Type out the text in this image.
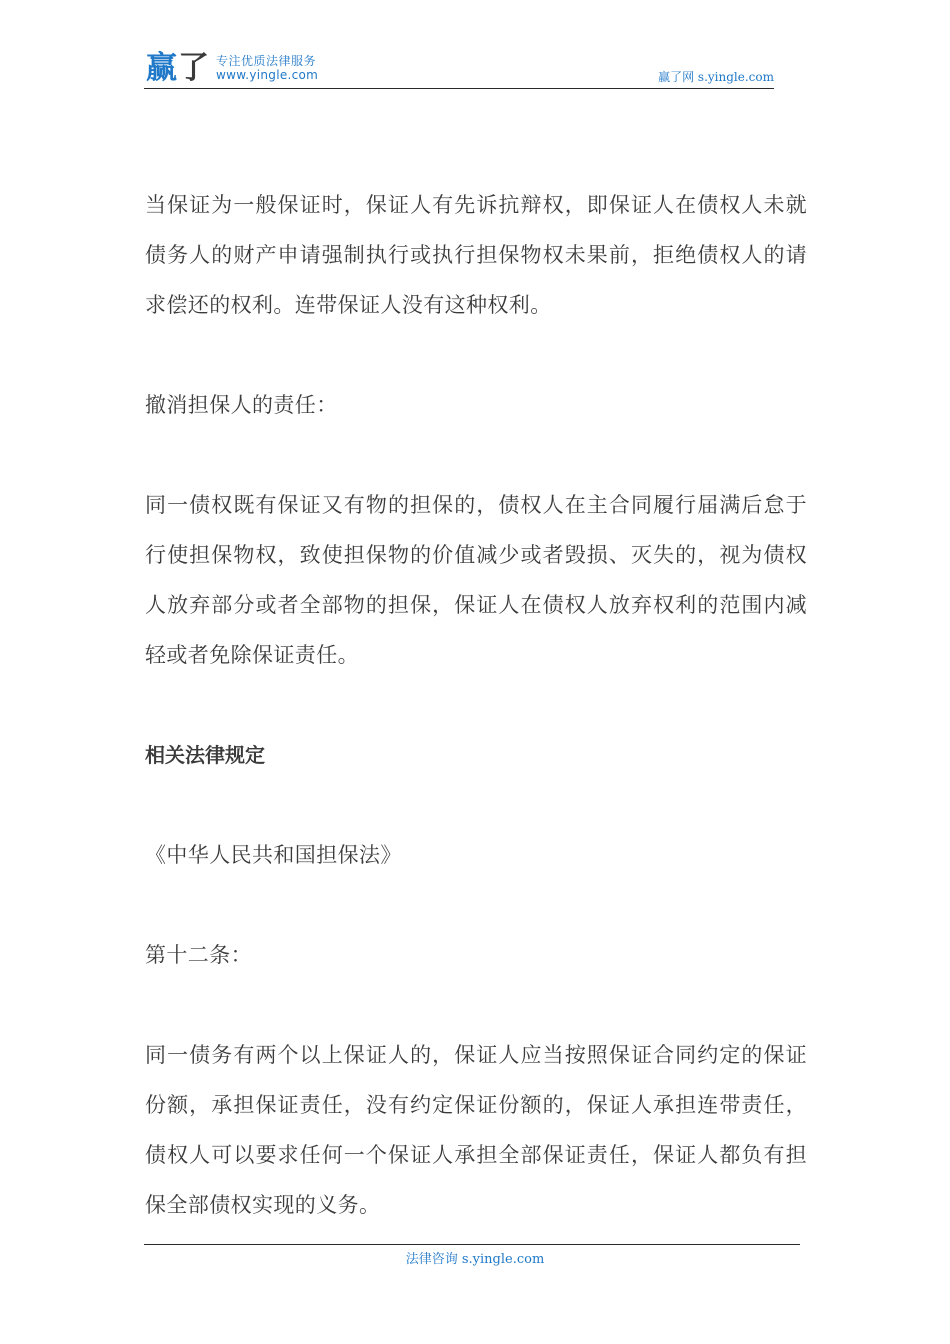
赢 了 专注优质法律服务
www.yingle.com	赢了网 s.yingle.com

当保证为一般保证时，保证人有先诉抗辩权，即保证人在债权人未就债务人的财产申请强制执行或执行担保物权未果前，拒绝债权人的请求偿还的权利。连带保证人没有这种权利。

撤消担保人的责任：

同一债权既有保证又有物的担保的，债权人在主合同履行届满后怠于行使担保物权，致使担保物的价值减少或者毁损、灭失的，视为债权人放弃部分或者全部物的担保，保证人在债权人放弃权利的范围内减轻或者免除保证责任。

相关法律规定

《中华人民共和国担保法》

第十二条：

同一债务有两个以上保证人的，保证人应当按照保证合同约定的保证份额，承担保证责任，没有约定保证份额的，保证人承担连带责任，债权人可以要求任何一个保证人承担全部保证责任，保证人都负有担保全部债权实现的义务。

法律咨询 s.yingle.com
